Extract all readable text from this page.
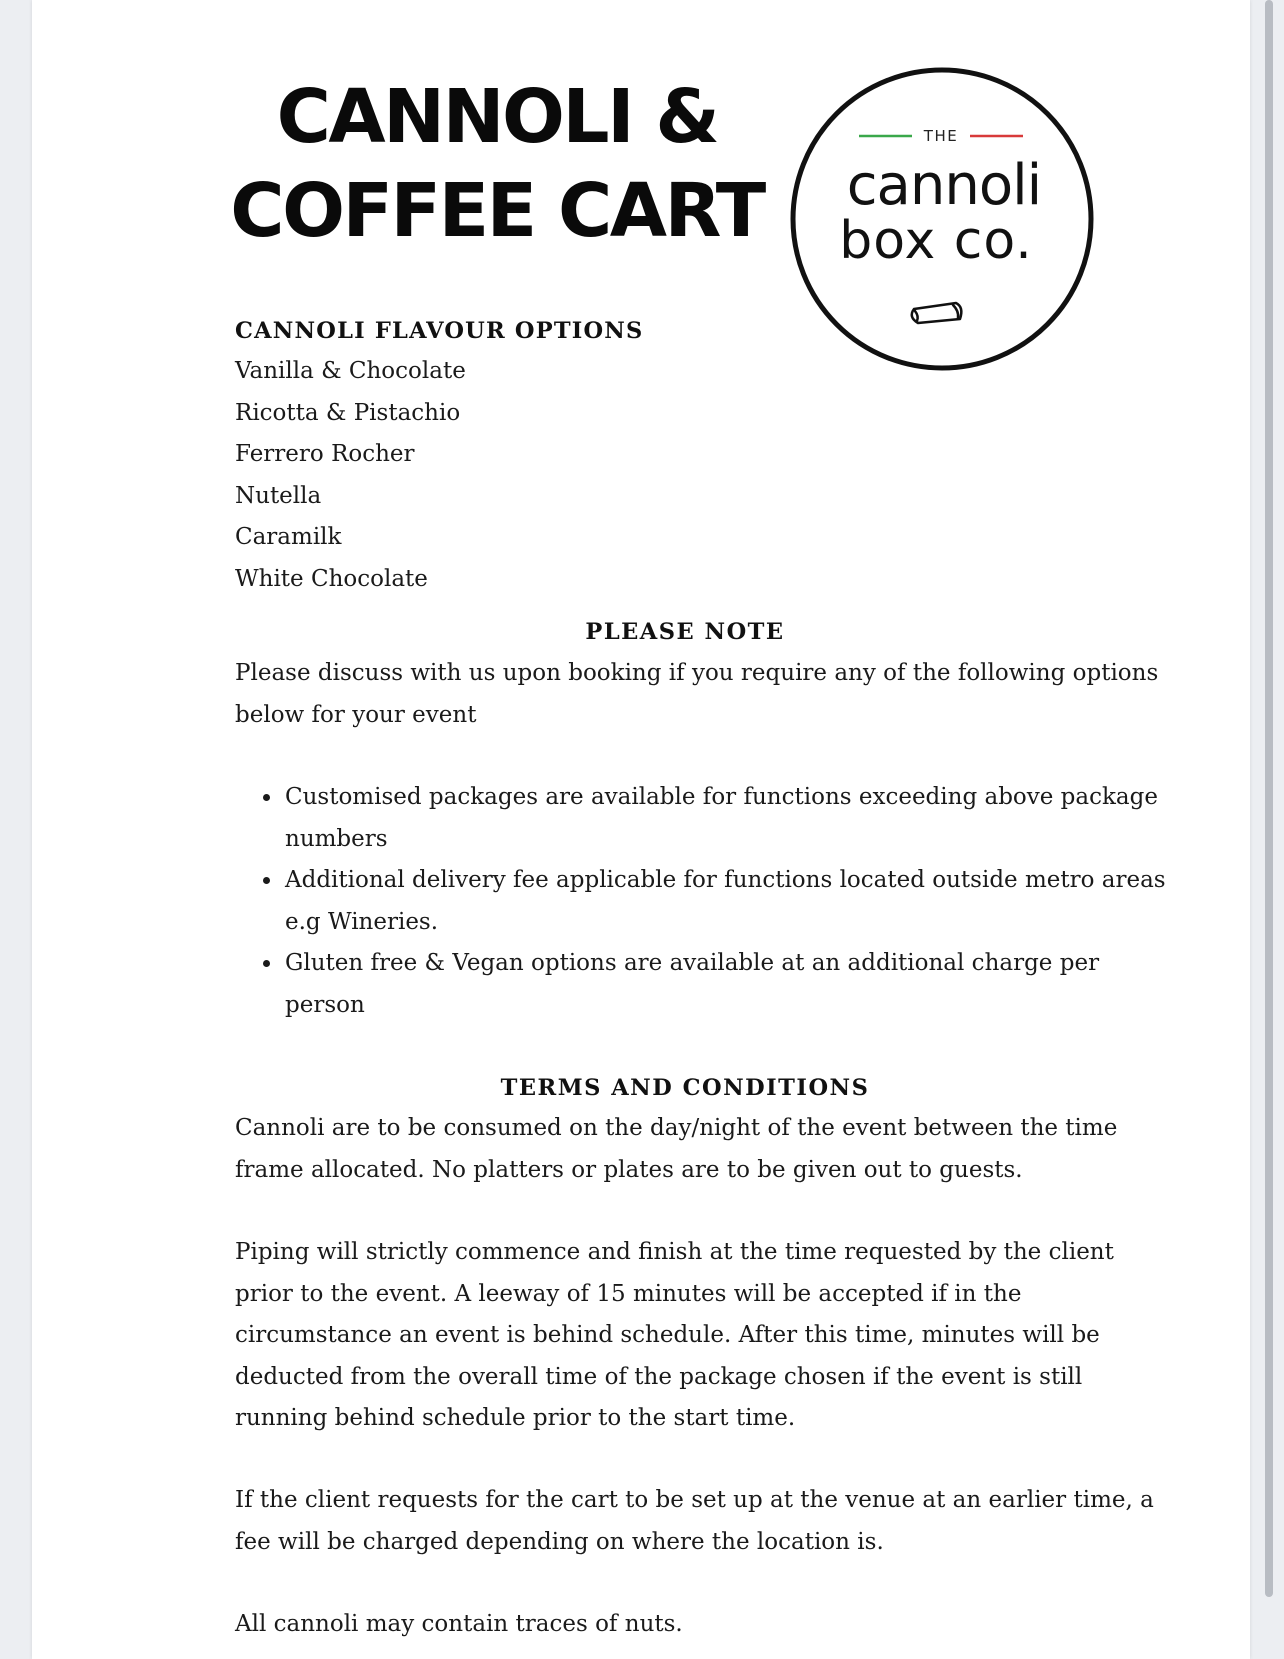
CANNOLI &
COFFEE CART
THE
cannoli
box co.
CANNOLI FLAVOUR OPTIONS
Vanilla & Chocolate
Ricotta & Pistachio
Ferrero Rocher
Nutella
Caramilk
White Chocolate
PLEASE NOTE

Please discuss with us upon booking if you require any of the following options below for your event

• Customised packages are available for functions exceeding above package numbers
• Additional delivery fee applicable for functions located outside metro areas e.g Wineries.
• Gluten free & Vegan options are available at an additional charge per person
TERMS AND CONDITIONS

Cannoli are to be consumed on the day/night of the event between the time frame allocated. No platters or plates are to be given out to guests.

Piping will strictly commence and finish at the time requested by the client prior to the event. A leeway of 15 minutes will be accepted if in the circumstance an event is behind schedule. After this time, minutes will be deducted from the overall time of the package chosen if the event is still running behind schedule prior to the start time.

If the client requests for the cart to be set up at the venue at an earlier time, a fee will be charged depending on where the location is.

All cannoli may contain traces of nuts.
